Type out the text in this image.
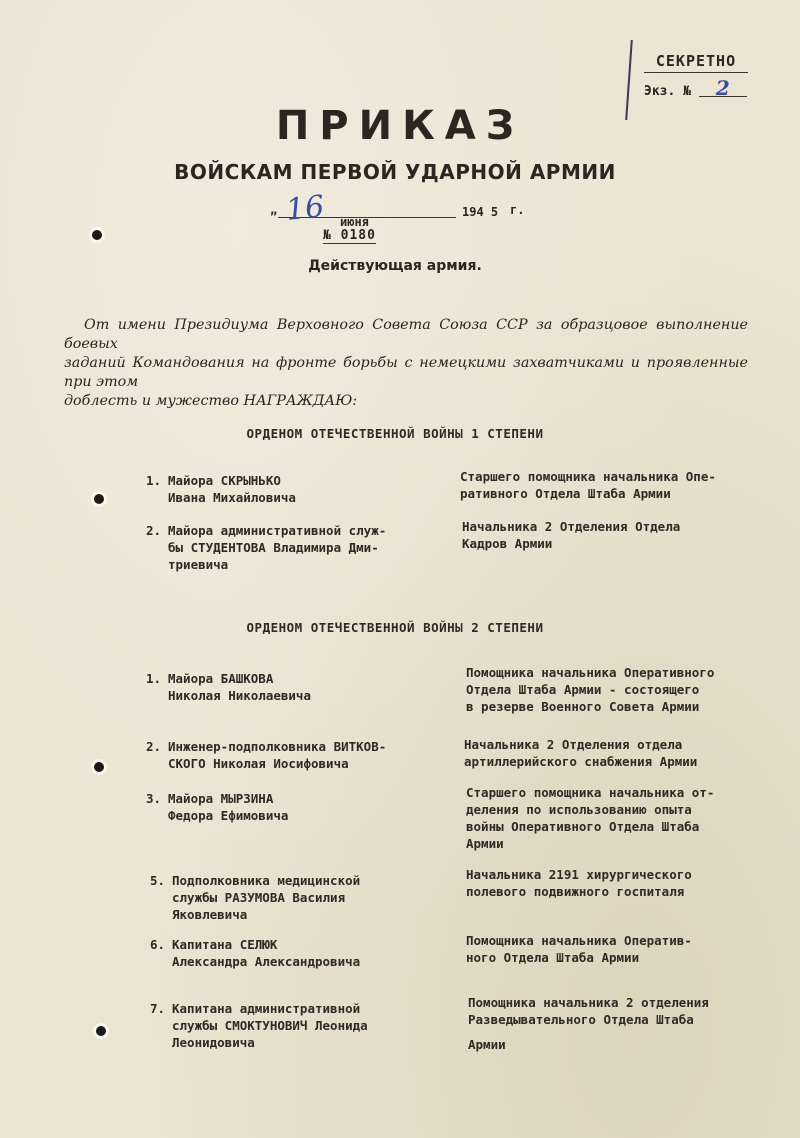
СЕКРЕТНО
Экз. № 2
ПРИКАЗ
ВОЙСКАМ ПЕРВОЙ УДАРНОЙ АРМИИ
„ 16 июня
194 5 г.
№ 0180
Действующая армия.
От имени Президиума Верховного Совета Союза ССР за образцовое выполнение боевых
заданий Командования на фронте борьбы с немецкими захватчиками и проявленные при этом
доблесть и мужество НАГРАЖДАЮ:
ОРДЕНОМ ОТЕЧЕСТВЕННОЙ ВОЙНЫ 1 СТЕПЕНИ
1. Майора СКРЫНЬКО
Ивана Михайловича
Старшего помощника начальника Опе-
ративного Отдела Штаба Армии
2. Майора административной служ-
бы СТУДЕНТОВА Владимира Дми-
триевича
Начальника 2 Отделения Отдела
Кадров Армии
ОРДЕНОМ ОТЕЧЕСТВЕННОЙ ВОЙНЫ 2 СТЕПЕНИ
1. Майора БАШКОВА
Николая Николаевича
Помощника начальника Оперативного
Отдела Штаба Армии - состоящего
в резерве Военного Совета Армии
2. Инженер-подполковника ВИТКОВ-
СКОГО Николая Иосифовича
Начальника 2 Отделения отдела
артиллерийского снабжения Армии
3. Майора МЫРЗИНА
Федора Ефимовича
Старшего помощника начальника от-
деления по использованию опыта
войны Оперативного Отдела Штаба
Армии
5. Подполковника медицинской
службы РАЗУМОВА Василия
Яковлевича
Начальника 2191 хирургического
полевого подвижного госпиталя
6. Капитана СЕЛЮК
Александра Александровича
Помощника начальника Оператив-
ного Отдела Штаба Армии
7. Капитана административной
службы СМОКТУНОВИЧ Леонида
Леонидовича
Помощника начальника 2 отделения
Разведывательного Отдела Штаба
Армии
